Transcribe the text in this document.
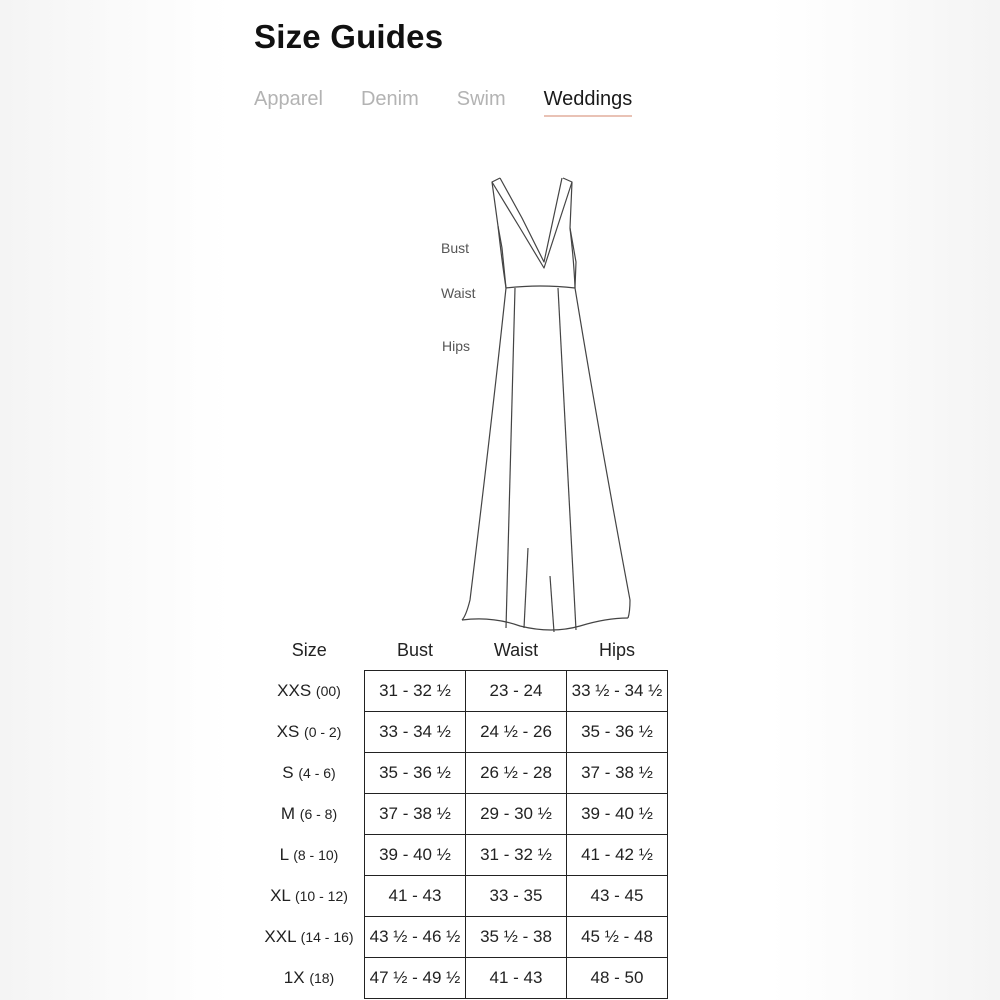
Size Guides
Apparel Denim Swim Weddings
Bust
Waist
Hips
Size	Bust	Waist	Hips
XXS (00)	31 - 32 ½	23 - 24	33 ½ - 34 ½
XS (0 - 2)	33 - 34 ½	24 ½ - 26	35 - 36 ½
S (4 - 6)	35 - 36 ½	26 ½ - 28	37 - 38 ½
M (6 - 8)	37 - 38 ½	29 - 30 ½	39 - 40 ½
L (8 - 10)	39 - 40 ½	31 - 32 ½	41 - 42 ½
XL (10 - 12)	41 - 43	33 - 35	43 - 45
XXL (14 - 16)	43 ½ - 46 ½	35 ½ - 38	45 ½ - 48
1X (18)	47 ½ - 49 ½	41 - 43	48 - 50
